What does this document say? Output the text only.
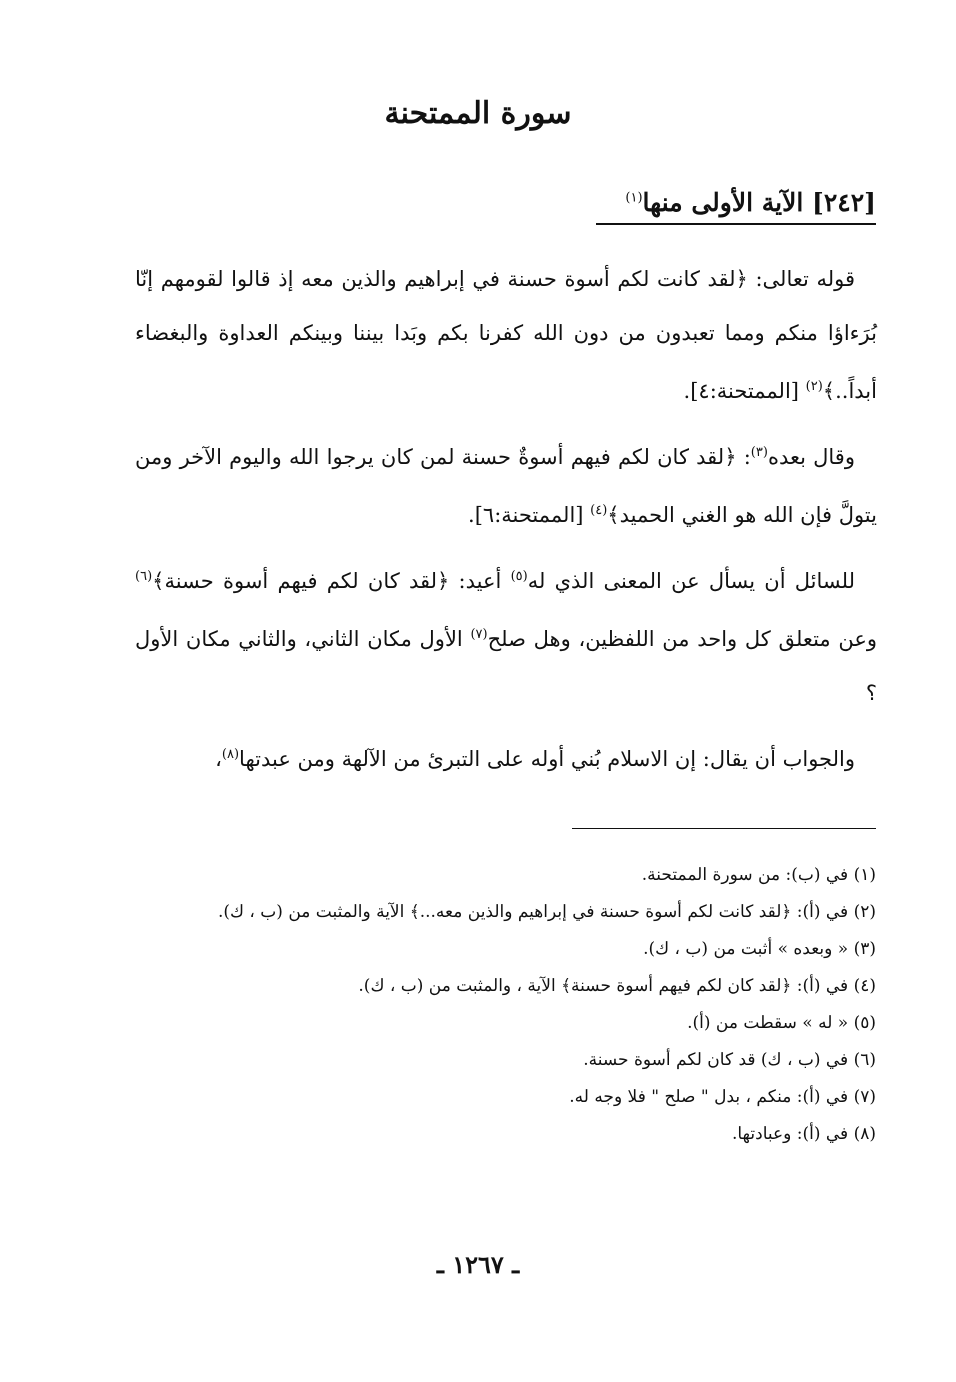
سورة الممتحنة
[٢٤٢] الآية الأولى منها$^{(١)}$

قوله تعالى: ﴿لقد كانت لكم أسوة حسنة في إبراهيم والذين معه إذ قالوا لقومهم إنّا بُرَءاؤا منكم ومما تعبدون من دون الله كفرنا بكم وبَدا بيننا وبينكم العداوة والبغضاء أبداً..﴾$^{(٢)}$ [الممتحنة:٤].

وقال بعده$^{(٣)}$: ﴿لقد كان لكم فيهم أسوةٌ حسنة لمن كان يرجوا الله واليوم الآخر ومن يتولَّ فإن الله هو الغني الحميد﴾$^{(٤)}$ [الممتحنة:٦].

للسائل أن يسأل عن المعنى الذي له$^{(٥)}$ أعيد: ﴿لقد كان لكم فيهم أسوة حسنة﴾$^{(٦)}$ وعن متعلق كل واحد من اللفظين، وهل صلح$^{(٧)}$ الأول مكان الثاني، والثاني مكان الأول ؟

والجواب أن يقال: إن الاسلام بُني أوله على التبرئ من الآلهة ومن عبدتها$^{(٨)}$،

(١) في (ب): من سورة الممتحنة.
(٢) في (أ): ﴿لقد كانت لكم أسوة حسنة في إبراهيم والذين معه...﴾ الآية والمثبت من (ب ، ك).
(٣) « وبعده » أثبت من (ب ، ك).
(٤) في (أ): ﴿لقد كان لكم فيهم أسوة حسنة﴾ الآية ، والمثبت من (ب ، ك).
(٥) « له » سقطت من (أ).
(٦) في (ب ، ك) قد كان لكم أسوة حسنة.
(٧) في (أ): منكم ، بدل " صلح " فلا وجه له.
(٨) في (أ): وعبادتها.
ـ ١٢٦٧ ـ
